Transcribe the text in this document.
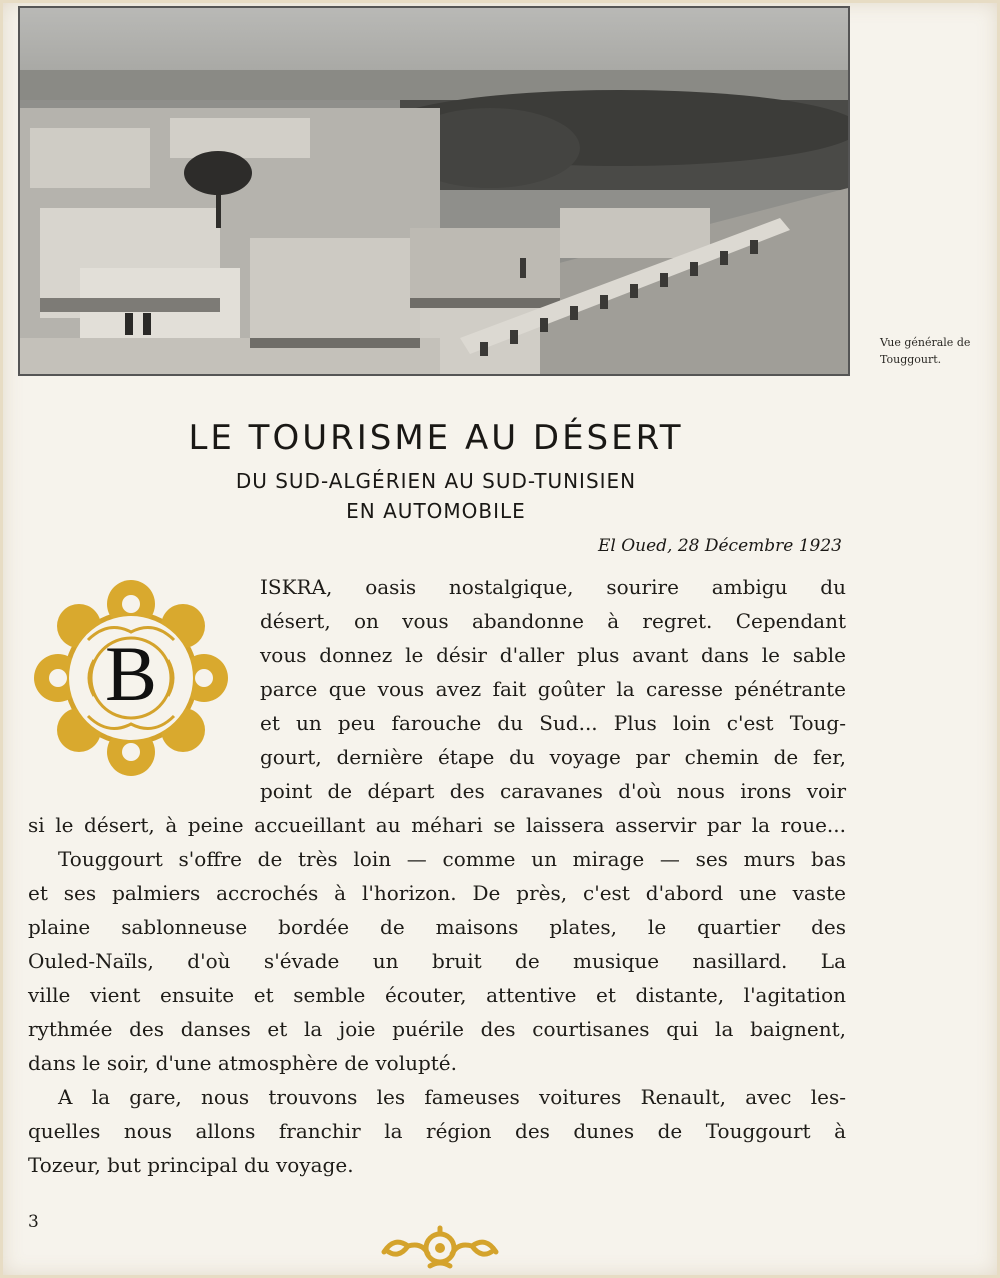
Vue générale de Touggourt.
LE TOURISME AU DÉSERT
DU SUD-ALGÉRIEN AU SUD-TUNISIEN
EN AUTOMOBILE
El Oued, 28 Décembre 1923
B
ISKRA, oasis nostalgique, sourire ambigu du
désert, on vous abandonne à regret. Cependant
vous donnez le désir d'aller plus avant dans le sable
parce que vous avez fait goûter la caresse pénétrante
et un peu farouche du Sud... Plus loin c'est Toug-
gourt, dernière étape du voyage par chemin de fer,
point de départ des caravanes d'où nous irons voir
si le désert, à peine accueillant au méhari se laissera asservir par la roue...
Touggourt s'offre de très loin — comme un mirage — ses murs bas
et ses palmiers accrochés à l'horizon. De près, c'est d'abord une vaste
plaine sablonneuse bordée de maisons plates, le quartier des
Ouled-Naïls, d'où s'évade un bruit de musique nasillard. La
ville vient ensuite et semble écouter, attentive et distante, l'agitation
rythmée des danses et la joie puérile des courtisanes qui la baignent,
dans le soir, d'une atmosphère de volupté.
A la gare, nous trouvons les fameuses voitures Renault, avec les-
quelles nous allons franchir la région des dunes de Touggourt à
Tozeur, but principal du voyage.
3
